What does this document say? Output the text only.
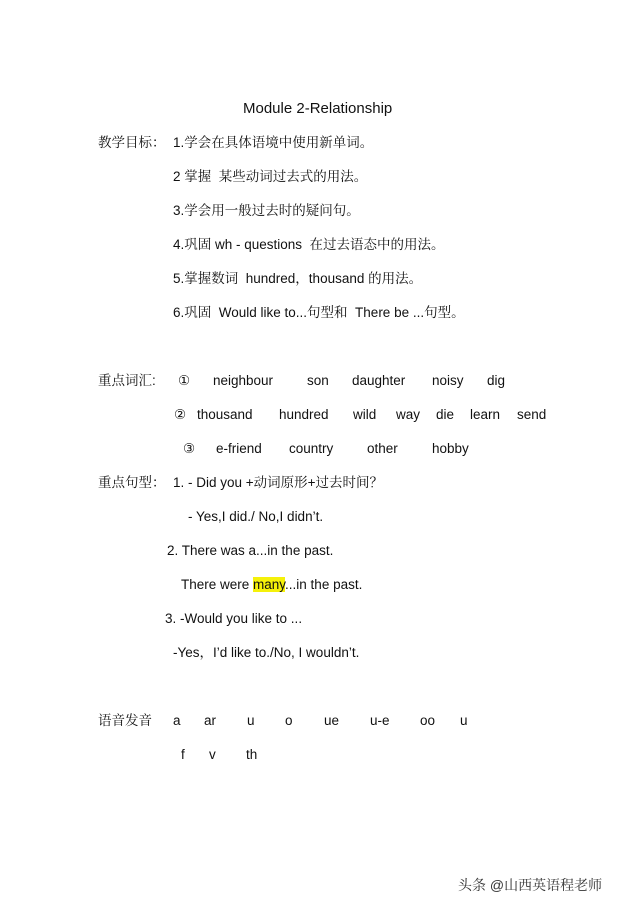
Module 2-Relationship
教学目标： 1.学会在具体语境中使用新单词。
2 掌握  某些动词过去式的用法。
3.学会用一般过去时的疑问句。
4.巩固 wh - questions  在过去语态中的用法。
5.掌握数词  hundred，thousand 的用法。
6.巩固  Would like to...句型和  There be ...句型。
重点词汇: ① neighbour	son daughter noisy dig
② thousand hundred wild way die learn send
③ e-friend country other	hobby
重点句型： 1. - Did you +动词原形+过去时间？
- Yes,I did./ No,I didn’t.
2. There was a...in the past.
There were many...in the past.
3. -Would you like to ...
-Yes，I’d like to./No, I wouldn’t.
语音发音 a ar u o ue u-e oo u
f v th
头条 @山西英语程老师
